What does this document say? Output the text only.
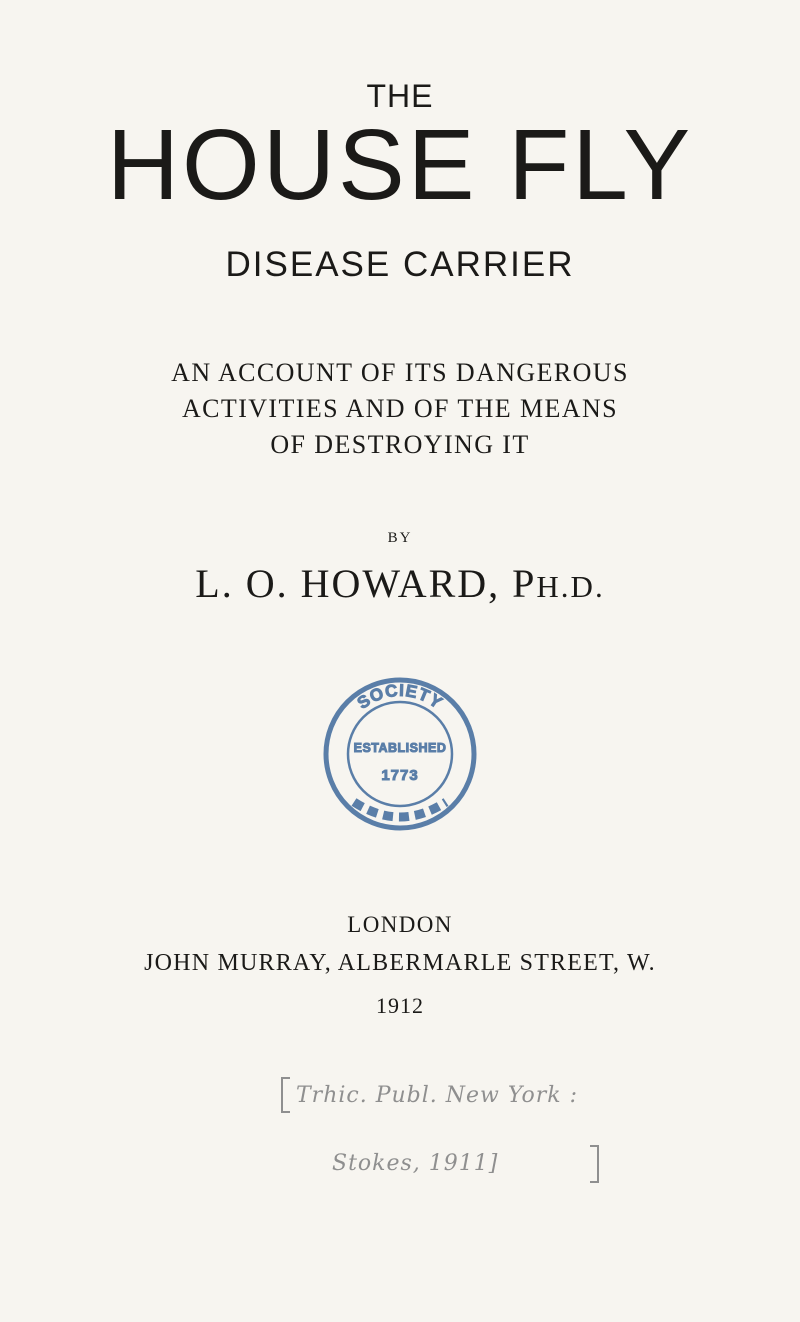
THE
HOUSE FLY
DISEASE CARRIER
AN ACCOUNT OF ITS DANGEROUS
ACTIVITIES AND OF THE MEANS
OF DESTROYING IT
BY
L. O. HOWARD, PH.D.
SOCIETY
ESTABLISHED
1773
LONDON
JOHN MURRAY, ALBERMARLE STREET, W.
1912
Trhic. Publ. New York :
Stokes, 1911]
